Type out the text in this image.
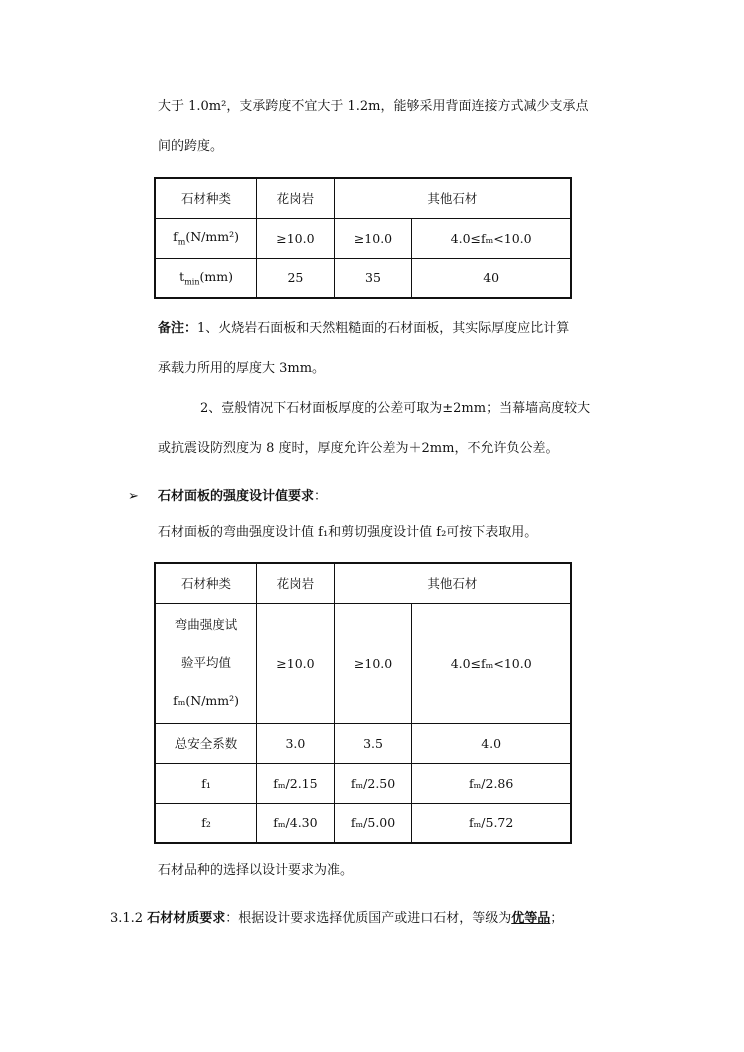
大于 1.0m²，支承跨度不宜大于 1.2m，能够采用背面连接方式减少支承点
间的跨度。
石材种类	花岗岩	其他石材	
$f_m(N/mm^2)$	≥10.0	≥10.0	4.0≤fₘ<10.0
$t_{min}(mm)$	25	35	40
备注：1、火烧岩石面板和天然粗糙面的石材面板，其实际厚度应比计算
承载力所用的厚度大 3mm。
2、壹般情况下石材面板厚度的公差可取为±2mm；当幕墙高度较大
或抗震设防烈度为 8 度时，厚度允许公差为＋2mm，不允许负公差。
➢ 石材面板的强度设计值要求：
石材面板的弯曲强度设计值 f₁和剪切强度设计值 f₂可按下表取用。
石材种类	花岗岩	其他石材	

弯曲强度试
验平均值
fₘ(N/mm²)	≥10.0	≥10.0	4.0≤fₘ<10.0
总安全系数	3.0	3.5	4.0
f₁	fₘ/2.15	fₘ/2.50	fₘ/2.86
f₂	fₘ/4.30	fₘ/5.00	fₘ/5.72
石材品种的选择以设计要求为准。
3.1.2 石材材质要求：根据设计要求选择优质国产或进口石材，等级为优等品；
